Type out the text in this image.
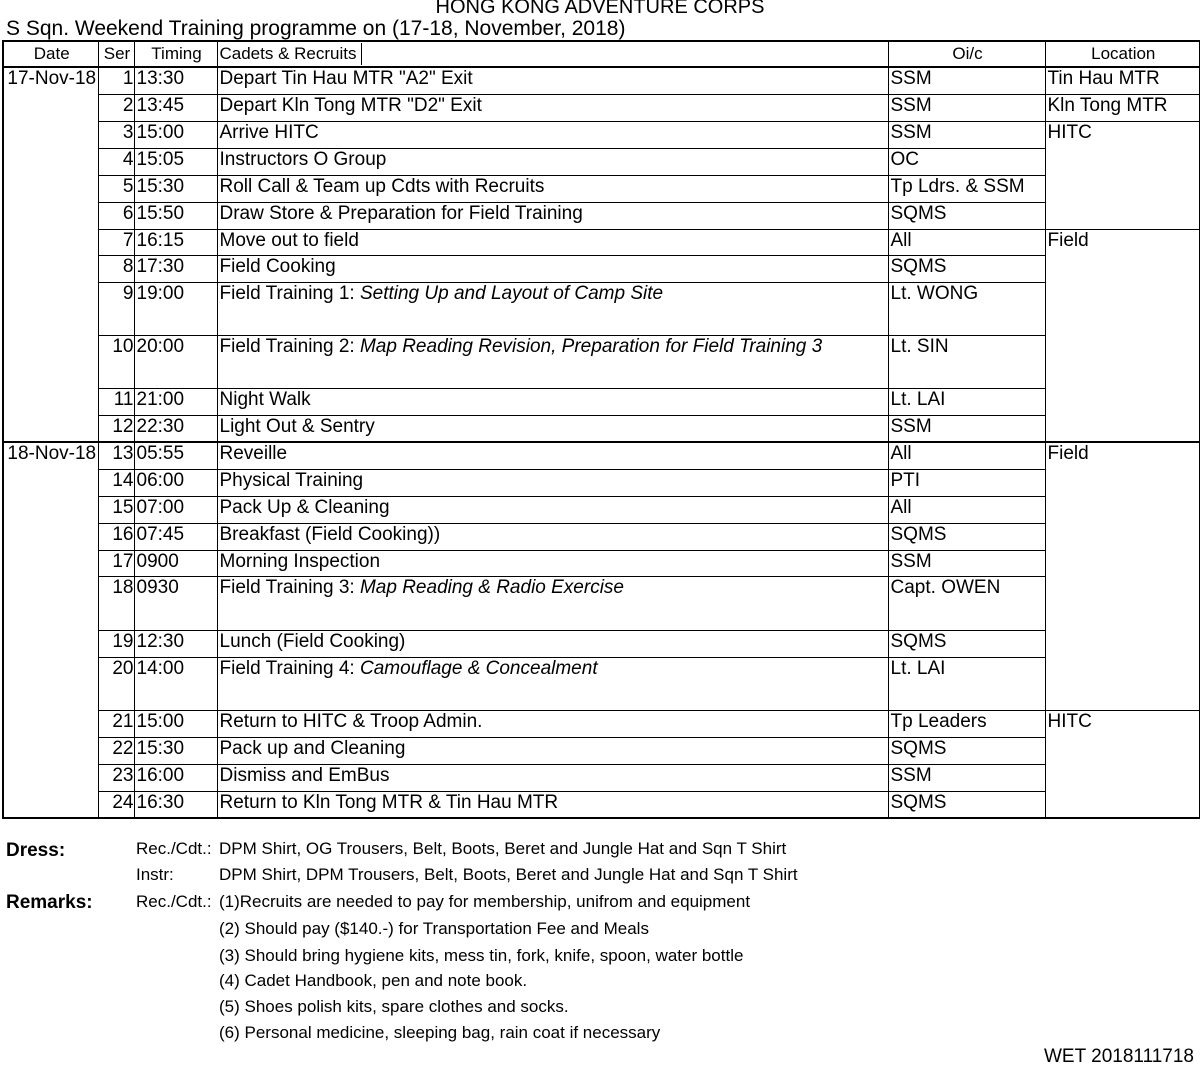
HONG KONG ADVENTURE CORPS
S Sqn. Weekend Training programme on (17-18, November, 2018)
Date	Ser	Timing	Cadets & Recruits	Oi/c	Location
17-Nov-18	1	13:30	Depart Tin Hau MTR "A2" Exit	SSM	Tin Hau MTR
	2	13:45	Depart Kln Tong MTR "D2" Exit	SSM	Kln Tong MTR
	3	15:00	Arrive HITC	SSM	HITC
	4	15:05	Instructors O Group	OC	
	5	15:30	Roll Call & Team up Cdts with Recruits	Tp Ldrs. & SSM	
	6	15:50	Draw Store & Preparation for Field Training	SQMS	
	7	16:15	Move out to field	All	Field
	8	17:30	Field Cooking	SQMS	
	9	19:00	Field Training 1: Setting Up and Layout of Camp Site	Lt. WONG	
	10	20:00	Field Training 2: Map Reading Revision, Preparation for Field Training 3	Lt. SIN	
	11	21:00	Night Walk	Lt. LAI	
	12	22:30	Light Out & Sentry	SSM	
18-Nov-18	13	05:55	Reveille	All	Field
	14	06:00	Physical Training	PTI	
	15	07:00	Pack Up & Cleaning	All	
	16	07:45	Breakfast (Field Cooking))	SQMS	
	17	0900	Morning Inspection	SSM	
	18	0930	Field Training 3: Map Reading & Radio Exercise	Capt. OWEN	
	19	12:30	Lunch (Field Cooking)	SQMS	
	20	14:00	Field Training 4: Camouflage & Concealment	Lt. LAI	
	21	15:00	Return to HITC & Troop Admin.	Tp Leaders	HITC
	22	15:30	Pack up and Cleaning	SQMS	
	23	16:00	Dismiss and EmBus	SSM	
	24	16:30	Return to Kln Tong MTR & Tin Hau MTR	SQMS	
Dress:	Rec./Cdt.: DPM Shirt, OG Trousers, Belt, Boots, Beret and Jungle Hat and Sqn T Shirt
Instr:	DPM Shirt, DPM Trousers, Belt, Boots, Beret and Jungle Hat and Sqn T Shirt
Remarks:	Rec./Cdt.: (1)Recruits are needed to pay for membership, unifrom and equipment
(2) Should pay ($140.-) for Transportation Fee and Meals
(3) Should bring hygiene kits, mess tin, fork, knife, spoon, water bottle
(4) Cadet Handbook, pen and note book.
(5) Shoes polish kits, spare clothes and socks.
(6) Personal medicine, sleeping bag, rain coat if necessary
WET 2018111718
